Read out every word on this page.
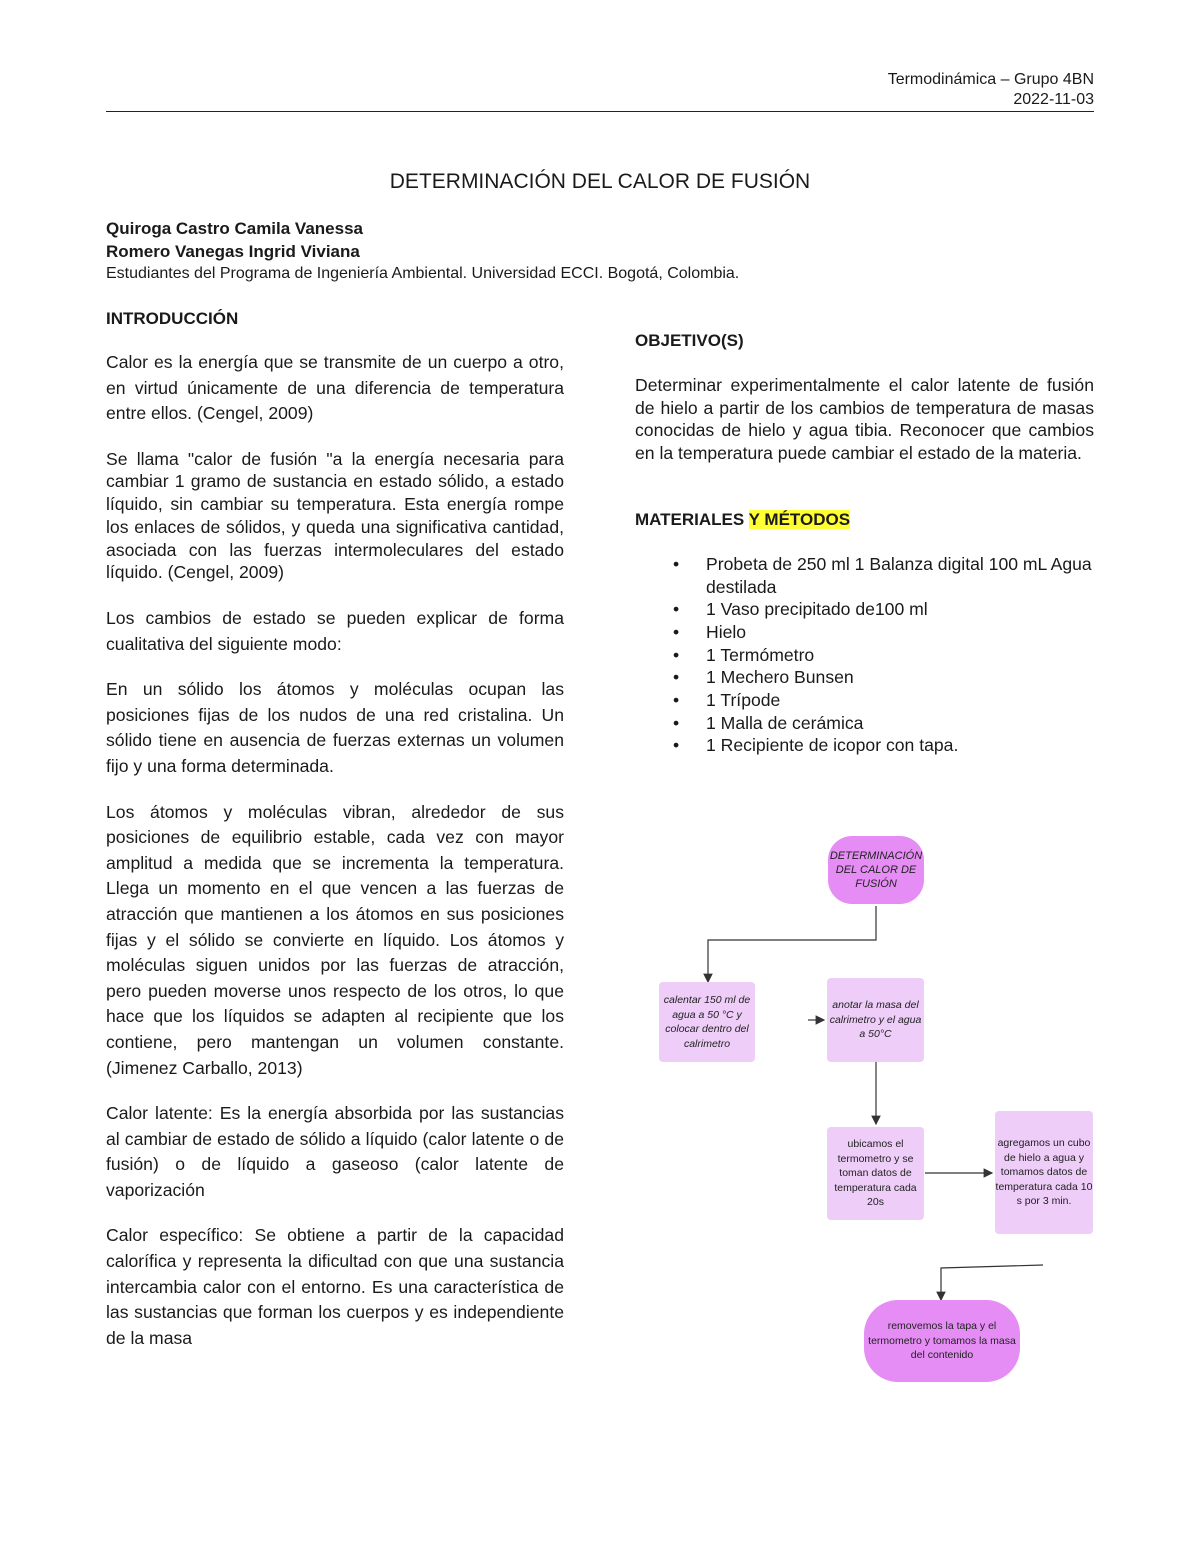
Termodinámica – Grupo 4BN
2022-11-03
DETERMINACIÓN DEL CALOR DE FUSIÓN
Quiroga Castro Camila Vanessa
Romero Vanegas Ingrid Viviana
Estudiantes del Programa de Ingeniería Ambiental. Universidad ECCI. Bogotá, Colombia.

INTRODUCCIÓN

Calor es la energía que se transmite de un cuerpo a otro, en virtud únicamente de una diferencia de temperatura entre ellos. (Cengel, 2009)

Se llama "calor de fusión "a la energía necesaria para cambiar 1 gramo de sustancia en estado sólido, a estado líquido, sin cambiar su temperatura. Esta energía rompe los enlaces de sólidos, y queda una significativa cantidad, asociada con las fuerzas intermoleculares del estado líquido. (Cengel, 2009)

Los cambios de estado se pueden explicar de forma cualitativa del siguiente modo:

En un sólido los átomos y moléculas ocupan las posiciones fijas de los nudos de una red cristalina. Un sólido tiene en ausencia de fuerzas externas un volumen fijo y una forma determinada.

Los átomos y moléculas vibran, alrededor de sus posiciones de equilibrio estable, cada vez con mayor amplitud a medida que se incrementa la temperatura. Llega un momento en el que vencen a las fuerzas de atracción que mantienen a los átomos en sus posiciones fijas y el sólido se convierte en líquido. Los átomos y moléculas siguen unidos por las fuerzas de atracción, pero pueden moverse unos respecto de los otros, lo que hace que los líquidos se adapten al recipiente que los contiene, pero mantengan un volumen constante. (Jimenez Carballo, 2013)

Calor latente: Es la energía absorbida por las sustancias al cambiar de estado de sólido a líquido (calor latente o de fusión) o de líquido a gaseoso (calor latente de vaporización

Calor específico: Se obtiene a partir de la capacidad calorífica y representa la dificultad con que una sustancia intercambia calor con el entorno. Es una característica de las sustancias que forman los cuerpos y es independiente de la masa

OBJETIVO(S)

Determinar experimentalmente el calor latente de fusión de hielo a partir de los cambios de temperatura de masas conocidas de hielo y agua tibia. Reconocer que cambios en la temperatura puede cambiar el estado de la materia.

MATERIALES Y MÉTODOS

• Probeta de 250 ml 1 Balanza digital 100 mL Agua destilada
• 1 Vaso precipitado de100 ml
• Hielo
• 1 Termómetro
• 1 Mechero Bunsen
• 1 Trípode
• 1 Malla de cerámica
• 1 Recipiente de icopor con tapa.
DETERMINACIÓN DEL CALOR DE FUSIÓN
calentar 150 ml de agua a 50 °C y colocar dentro del calrimetro
anotar la masa del calrimetro y el agua a 50°C
ubicamos el termometro y se toman datos de temperatura cada 20s
agregamos un cubo de hielo a agua y tomamos datos de temperatura cada 10 s por 3 min.
removemos la tapa y el termometro y tomamos la masa del contenido
